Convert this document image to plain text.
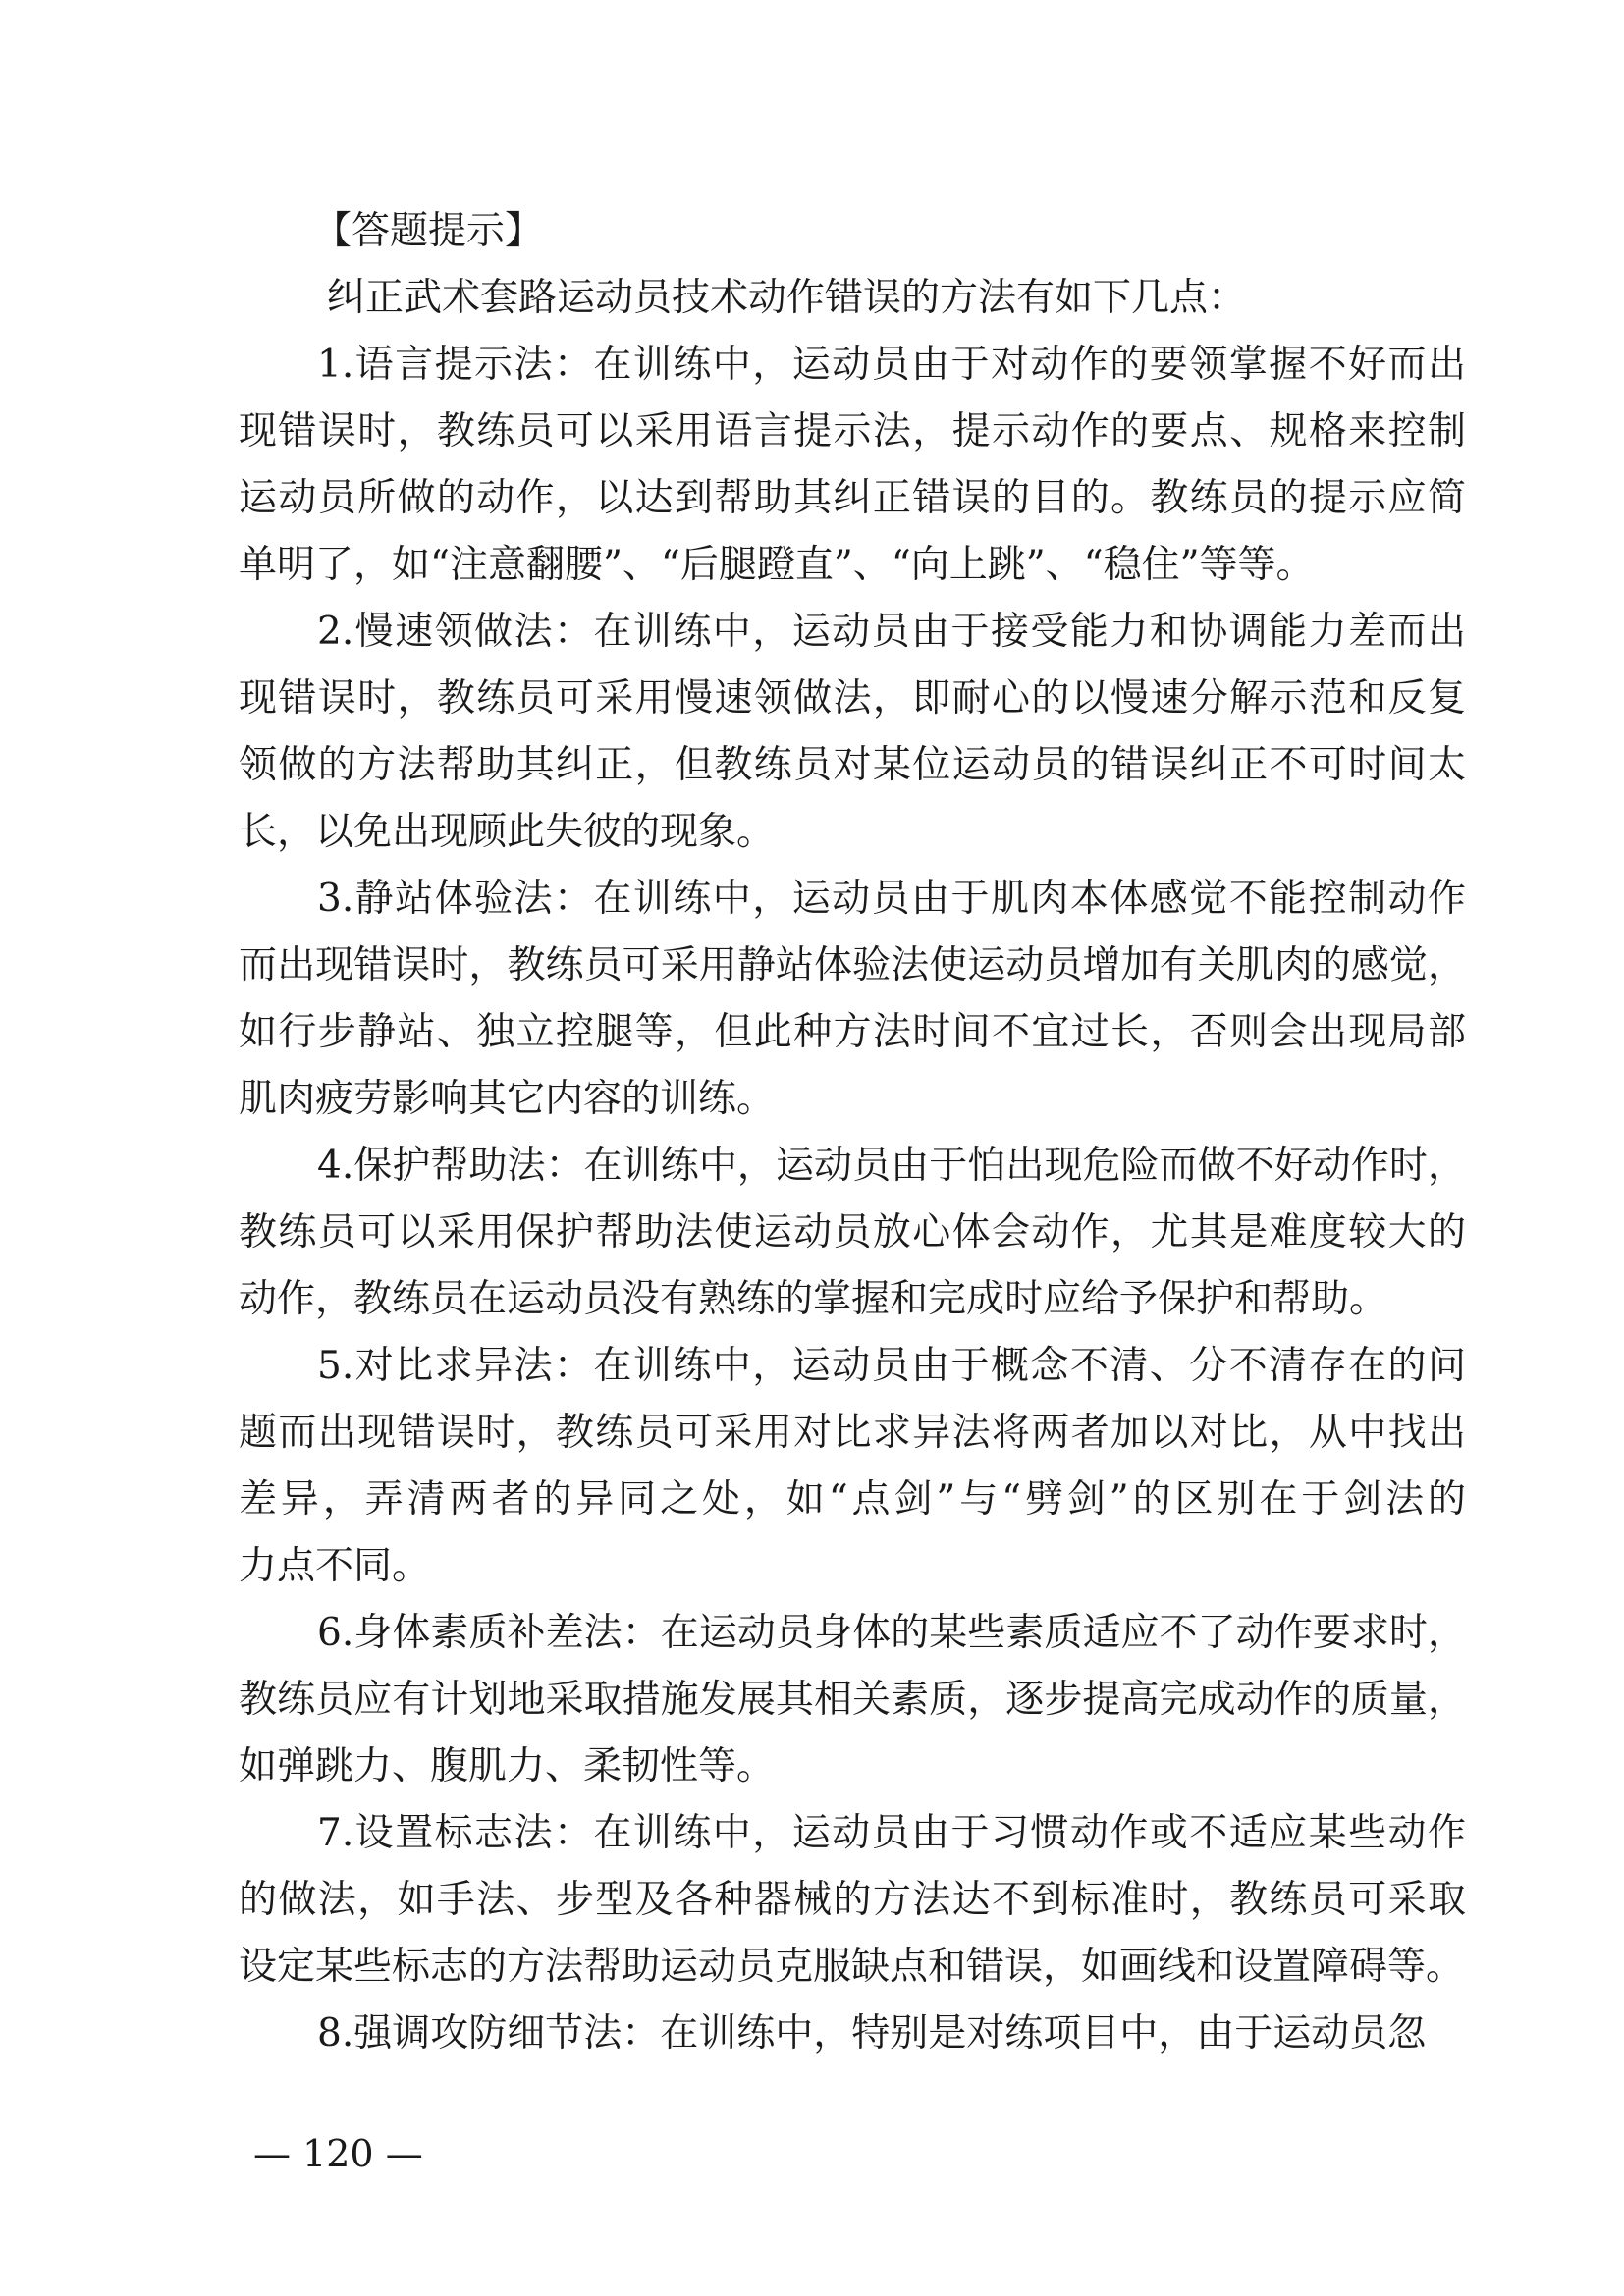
【答题提示】
纠正武术套路运动员技术动作错误的方法有如下几点：
1.语言提示法：在训练中，运动员由于对动作的要领掌握不好而出
现错误时，教练员可以采用语言提示法，提示动作的要点、规格来控制
运动员所做的动作，以达到帮助其纠正错误的目的。教练员的提示应简
单明了，如“注意翻腰”、“后腿蹬直”、“向上跳”、“稳住”等等。
2.慢速领做法：在训练中，运动员由于接受能力和协调能力差而出
现错误时，教练员可采用慢速领做法，即耐心的以慢速分解示范和反复
领做的方法帮助其纠正，但教练员对某位运动员的错误纠正不可时间太
长，以免出现顾此失彼的现象。
3.静站体验法：在训练中，运动员由于肌肉本体感觉不能控制动作
而出现错误时，教练员可采用静站体验法使运动员增加有关肌肉的感觉，
如行步静站、独立控腿等，但此种方法时间不宜过长，否则会出现局部
肌肉疲劳影响其它内容的训练。
4.保护帮助法：在训练中，运动员由于怕出现危险而做不好动作时，
教练员可以采用保护帮助法使运动员放心体会动作，尤其是难度较大的
动作，教练员在运动员没有熟练的掌握和完成时应给予保护和帮助。
5.对比求异法：在训练中，运动员由于概念不清、分不清存在的问
题而出现错误时，教练员可采用对比求异法将两者加以对比，从中找出
差异，弄清两者的异同之处，如“点剑”与“劈剑”的区别在于剑法的
力点不同。
6.身体素质补差法：在运动员身体的某些素质适应不了动作要求时，
教练员应有计划地采取措施发展其相关素质，逐步提高完成动作的质量，
如弹跳力、腹肌力、柔韧性等。
7.设置标志法：在训练中，运动员由于习惯动作或不适应某些动作
的做法，如手法、步型及各种器械的方法达不到标准时，教练员可采取
设定某些标志的方法帮助运动员克服缺点和错误，如画线和设置障碍等。
8.强调攻防细节法：在训练中，特别是对练项目中，由于运动员忽
— 120 —
